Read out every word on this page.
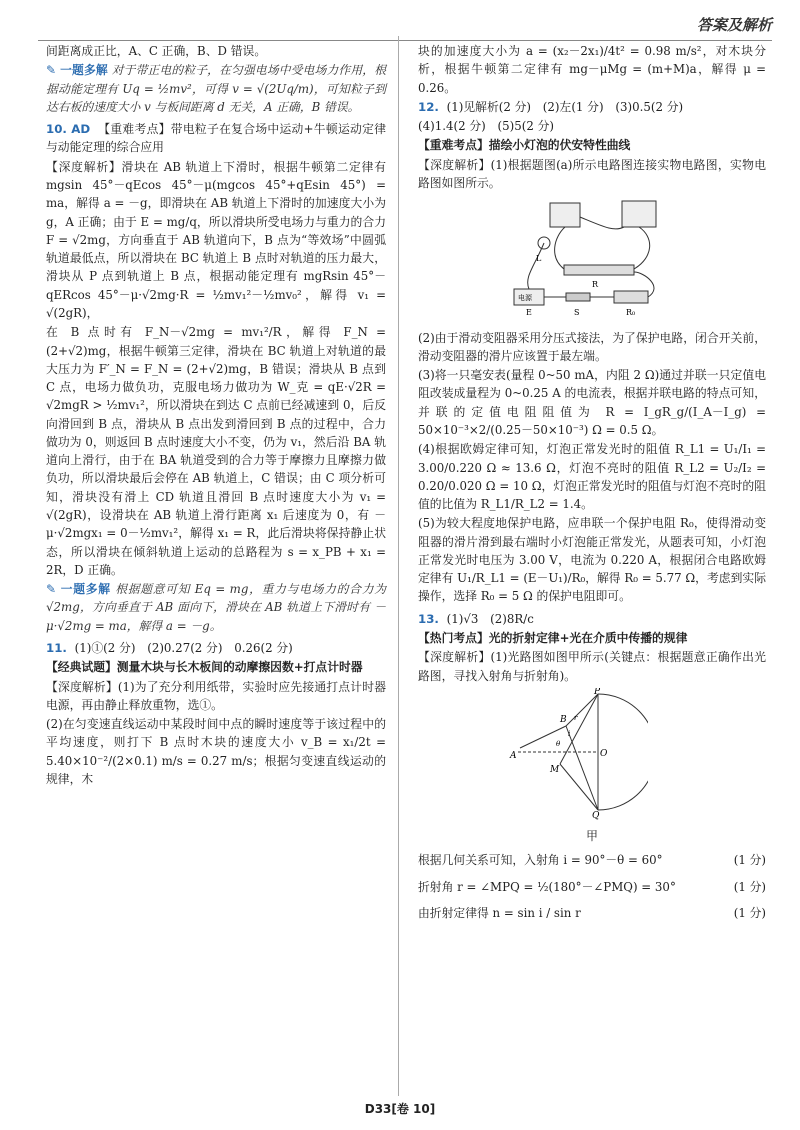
答案及解析

间距离成正比，A、C 正确，B、D 错误。

✎ 一题多解 对于带正电的粒子，在匀强电场中受电场力作用，根据动能定理有 Uq = ½mv²，可得 v = √(2Uq/m)，可知粒子到达右板的速度大小 v 与板间距离 d 无关，A 正确，B 错误。

10. AD 【重难考点】带电粒子在复合场中运动+牛顿运动定律与动能定理的综合应用

【深度解析】滑块在 AB 轨道上下滑时，根据牛顿第二定律有 mgsin 45°－qEcos 45°－μ(mgcos 45°+qEsin 45°) = ma，解得 a = －g，即滑块在 AB 轨道上下滑时的加速度大小为 g，A 正确；由于 E = mg/q，所以滑块所受电场力与重力的合力 F = √2mg，方向垂直于 AB 轨道向下，B 点为“等效场”中圆弧轨道最低点，所以滑块在 BC 轨道上 B 点时对轨道的压力最大，滑块从 P 点到轨道上 B 点，根据动能定理有 mgRsin 45°－qERcos 45°－μ·√2mg·R = ½mv₁²－½mv₀²，解得 v₁ = √(2gR)，

在 B 点时有 F_N－√2mg = mv₁²/R，解得 F_N = (2+√2)mg，根据牛顿第三定律，滑块在 BC 轨道上对轨道的最大压力为 F′_N = F_N = (2+√2)mg，B 错误；滑块从 B 点到 C 点，电场力做负功，克服电场力做功为 W_克 = qE·√2R = √2mgR > ½mv₁²，所以滑块在到达 C 点前已经减速到 0，后反向滑回到 B 点，滑块从 B 点出发到滑回到 B 点的过程中，合力做功为 0，则返回 B 点时速度大小不变，仍为 v₁，然后沿 BA 轨道向上滑行，由于在 BA 轨道受到的合力等于摩擦力且摩擦力做负功，所以滑块最后会停在 AB 轨道上，C 错误；由 C 项分析可知，滑块没有滑上 CD 轨道且滑回 B 点时速度大小为 v₁ = √(2gR)，设滑块在 AB 轨道上滑行距离 x₁ 后速度为 0，有 －μ·√2mgx₁ = 0－½mv₁²，解得 x₁ = R，此后滑块将保持静止状态，所以滑块在倾斜轨道上运动的总路程为 s = x_PB + x₁ = 2R，D 正确。

✎ 一题多解 根据题意可知 Eq = mg，重力与电场力的合力为 √2mg，方向垂直于 AB 面向下，滑块在 AB 轨道上下滑时有 －μ·√2mg = ma，解得 a = －g。

11. (1)①(2 分)　(2)0.27(2 分)　0.26(2 分)

【经典试题】测量木块与长木板间的动摩擦因数+打点计时器

【深度解析】(1)为了充分利用纸带，实验时应先接通打点计时器电源，再由静止释放重物，选①。

(2)在匀变速直线运动中某段时间中点的瞬时速度等于该过程中的平均速度，则打下 B 点时木块的速度大小 v_B = x₁/2t = 5.40×10⁻²/(2×0.1) m/s = 0.27 m/s；根据匀变速直线运动的规律，木

块的加速度大小为 a = (x₂－2x₁)/4t² = 0.98 m/s²，对木块分析，根据牛顿第二定律有 mg－μMg = (m+M)a，解得 μ = 0.26。

12. (1)见解析(2 分)　(2)左(1 分)　(3)0.5(2 分)

(4)1.4(2 分)　(5)5(2 分)

【重难考点】描绘小灯泡的伏安特性曲线

【深度解析】(1)根据题图(a)所示电路图连接实物电路图，实物电路图如图所示。

L
R
电源
E	S	R₀

(2)由于滑动变阻器采用分压式接法，为了保护电路，闭合开关前，滑动变阻器的滑片应该置于最左端。

(3)将一只毫安表(量程 0~50 mA，内阻 2 Ω)通过并联一只定值电阻改装成量程为 0~0.25 A 的电流表，根据并联电路的特点可知，并联的定值电阻阻值为 R = I_gR_g/(I_A－I_g) = 50×10⁻³×2/(0.25－50×10⁻³) Ω = 0.5 Ω。

(4)根据欧姆定律可知，灯泡正常发光时的阻值 R_L1 = U₁/I₁ = 3.00/0.220 Ω ≈ 13.6 Ω，灯泡不亮时的阻值 R_L2 = U₂/I₂ = 0.20/0.020 Ω = 10 Ω，灯泡正常发光时的阻值与灯泡不亮时的阻值的比值为 R_L1/R_L2 = 1.4。

(5)为较大程度地保护电路，应串联一个保护电阻 R₀，使得滑动变阻器的滑片滑到最右端时小灯泡能正常发光，从题表可知，小灯泡正常发光时电压为 3.00 V，电流为 0.220 A，根据闭合电路欧姆定律有 U₁/R_L1 = (E－U₁)/R₀，解得 R₀ = 5.77 Ω，考虑到实际操作，选择 R₀ = 5 Ω 的保护电阻即可。

13. (1)√3　(2)8R/c

【热门考点】光的折射定律+光在介质中传播的规律

【深度解析】(1)光路图如图甲所示(关键点：根据题意正确作出光路图，寻找入射角与折射角)。

P
B
A
M
O
Q
i
r
θ

甲

根据几何关系可知，入射角 i = 90°－θ = 60°	(1 分)

折射角 r = ∠MPQ = ½(180°－∠PMQ) = 30°	(1 分)

由折射定律得 n = sin i / sin r	(1 分)

D33[卷 10]
